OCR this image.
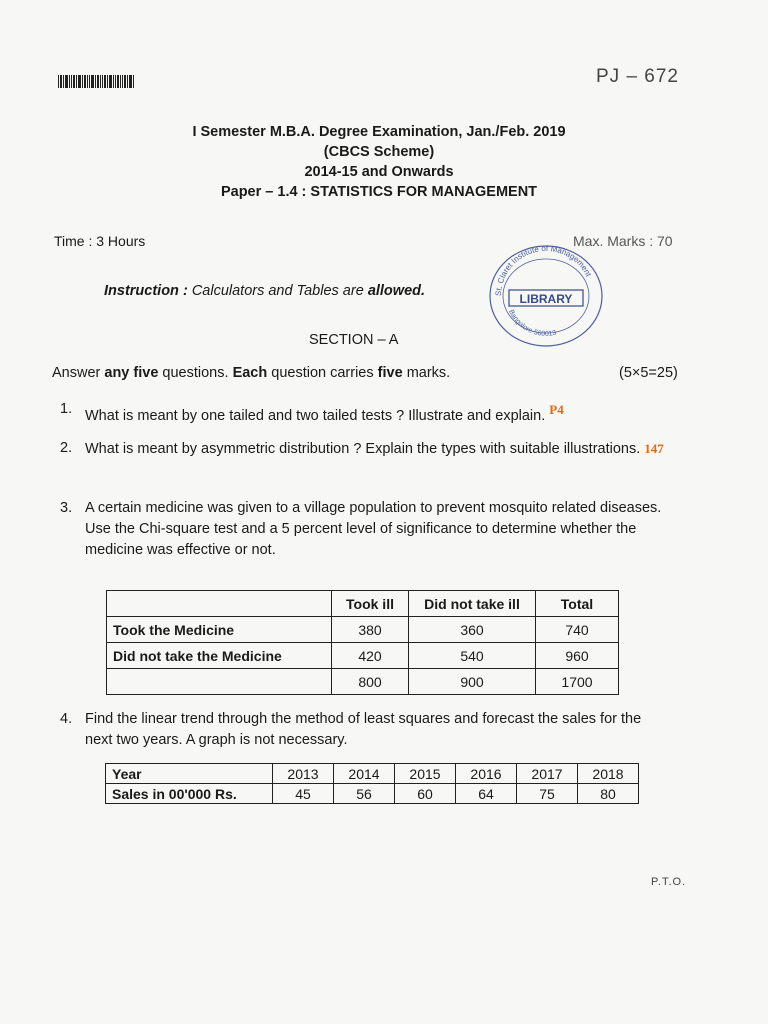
PJ – 672
I Semester M.B.A. Degree Examination, Jan./Feb. 2019
(CBCS Scheme)
2014-15 and Onwards
Paper – 1.4 : STATISTICS FOR MANAGEMENT
Time : 3 Hours	Max. Marks : 70
Instruction : Calculators and Tables are allowed.	St. Claret Institute of Management
Bangalore-560013
LIBRARY
SECTION – A
Answer any five questions. Each question carries five marks.	(5×5=25)
1. What is meant by one tailed and two tailed tests ? Illustrate and explain. $^{P4}$
2. What is meant by asymmetric distribution ? Explain the types with suitable illustrations. 147
3. A certain medicine was given to a village population to prevent mosquito related diseases. Use the Chi-square test and a 5 percent level of significance to determine whether the medicine was effective or not.
	Took ill	Did not take ill	Total
Took the Medicine	380	360	740
Did not take the Medicine	420	540	960
	800	900	1700
4. Find the linear trend through the method of least squares and forecast the sales for the next two years. A graph is not necessary.
Year	2013	2014	2015	2016	2017	2018
Sales in 00'000 Rs.	45	56	60	64	75	80
P.T.O.
